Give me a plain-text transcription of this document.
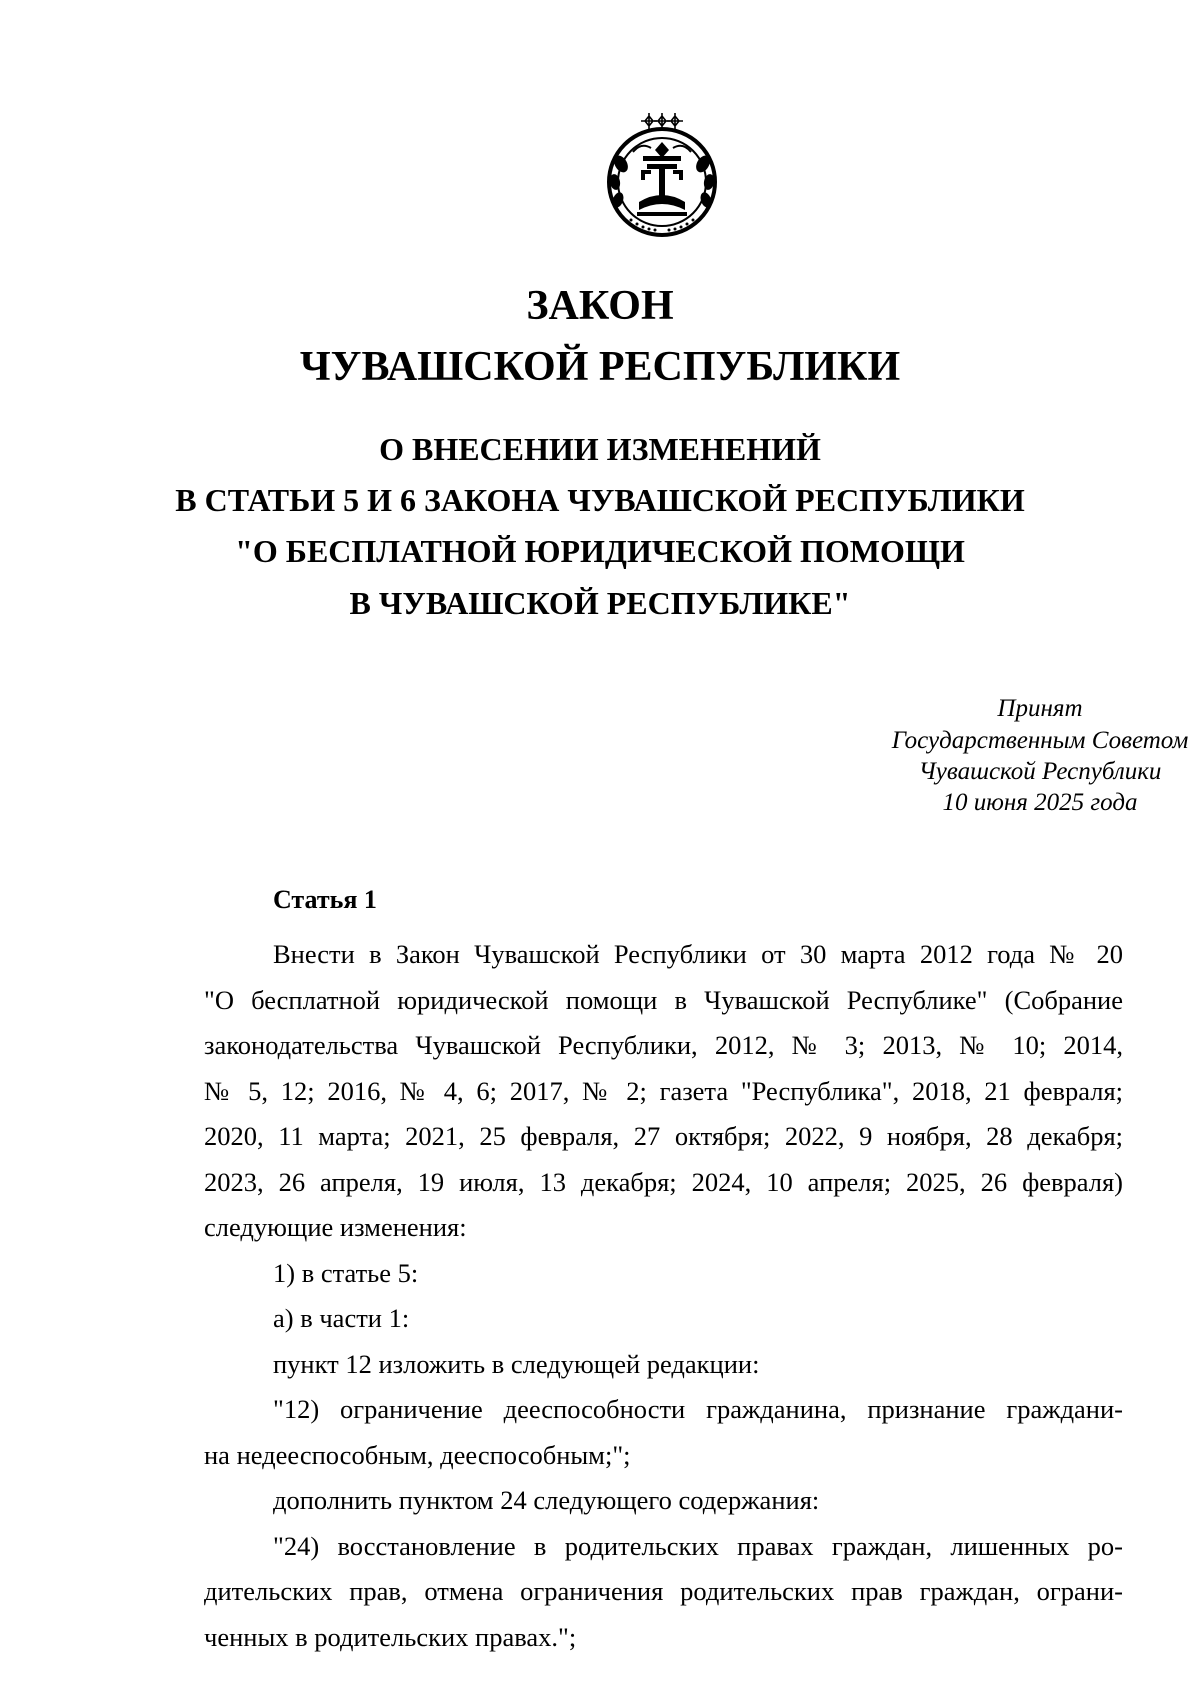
ЗАКОН
ЧУВАШСКОЙ РЕСПУБЛИКИ

О ВНЕСЕНИИ ИЗМЕНЕНИЙ

В СТАТЬИ 5 И 6 ЗАКОНА ЧУВАШСКОЙ РЕСПУБЛИКИ

"О БЕСПЛАТНОЙ ЮРИДИЧЕСКОЙ ПОМОЩИ

В ЧУВАШСКОЙ РЕСПУБЛИКЕ"

Принят
Государственным Советом
Чувашской Республики
10 июня 2025 года
Статья 1
Внести в Закон Чувашской Республики от 30 марта 2012 года № 20
"О бесплатной юридической помощи в Чувашской Республике" (Собрание
законодательства Чувашской Республики, 2012, № 3; 2013, № 10; 2014,
№ 5, 12; 2016, № 4, 6; 2017, № 2; газета "Республика", 2018, 21 февраля;
2020, 11 марта; 2021, 25 февраля, 27 октября; 2022, 9 ноября, 28 декабря;
2023, 26 апреля, 19 июля, 13 декабря; 2024, 10 апреля; 2025, 26 февраля)
следующие изменения:
1) в статье 5:
а) в части 1:
пункт 12 изложить в следующей редакции:
"12) ограничение дееспособности гражданина, признание граждани-
на недееспособным, дееспособным;";
дополнить пунктом 24 следующего содержания:
"24) восстановление в родительских правах граждан, лишенных ро-
дительских прав, отмена ограничения родительских прав граждан, ограни-
ченных в родительских правах.";
